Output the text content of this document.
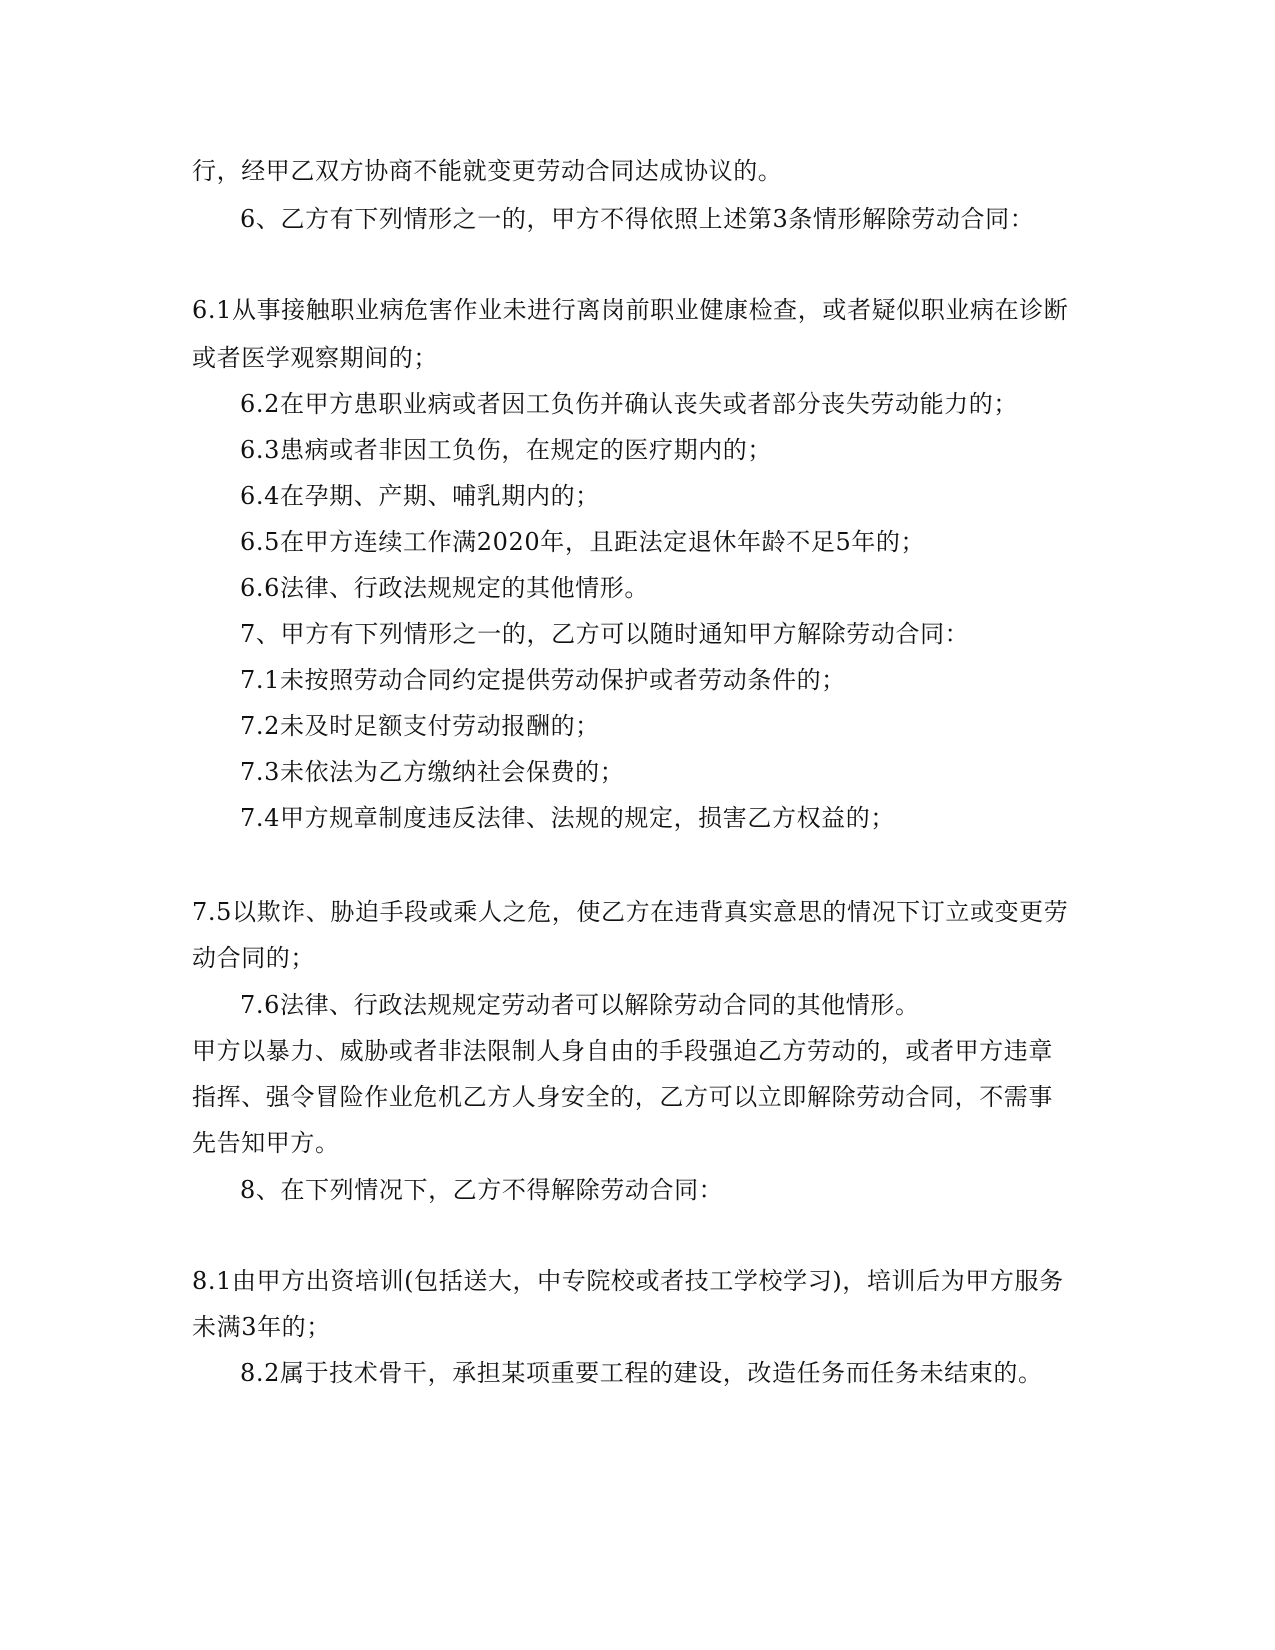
行，经甲乙双方协商不能就变更劳动合同达成协议的。
6、乙方有下列情形之一的，甲方不得依照上述第3条情形解除劳动合同：
6.1从事接触职业病危害作业未进行离岗前职业健康检查，或者疑似职业病在诊断
或者医学观察期间的；
6.2在甲方患职业病或者因工负伤并确认丧失或者部分丧失劳动能力的；
6.3患病或者非因工负伤，在规定的医疗期内的；
6.4在孕期、产期、哺乳期内的；
6.5在甲方连续工作满2020年，且距法定退休年龄不足5年的；
6.6法律、行政法规规定的其他情形。
7、甲方有下列情形之一的，乙方可以随时通知甲方解除劳动合同：
7.1未按照劳动合同约定提供劳动保护或者劳动条件的；
7.2未及时足额支付劳动报酬的；
7.3未依法为乙方缴纳社会保费的；
7.4甲方规章制度违反法律、法规的规定，损害乙方权益的；
7.5以欺诈、胁迫手段或乘人之危，使乙方在违背真实意思的情况下订立或变更劳
动合同的；
7.6法律、行政法规规定劳动者可以解除劳动合同的其他情形。
甲方以暴力、威胁或者非法限制人身自由的手段强迫乙方劳动的，或者甲方违章
指挥、强令冒险作业危机乙方人身安全的，乙方可以立即解除劳动合同，不需事
先告知甲方。
8、在下列情况下，乙方不得解除劳动合同：
8.1由甲方出资培训(包括送大，中专院校或者技工学校学习)，培训后为甲方服务
未满3年的；
8.2属于技术骨干，承担某项重要工程的建设，改造任务而任务未结束的。
